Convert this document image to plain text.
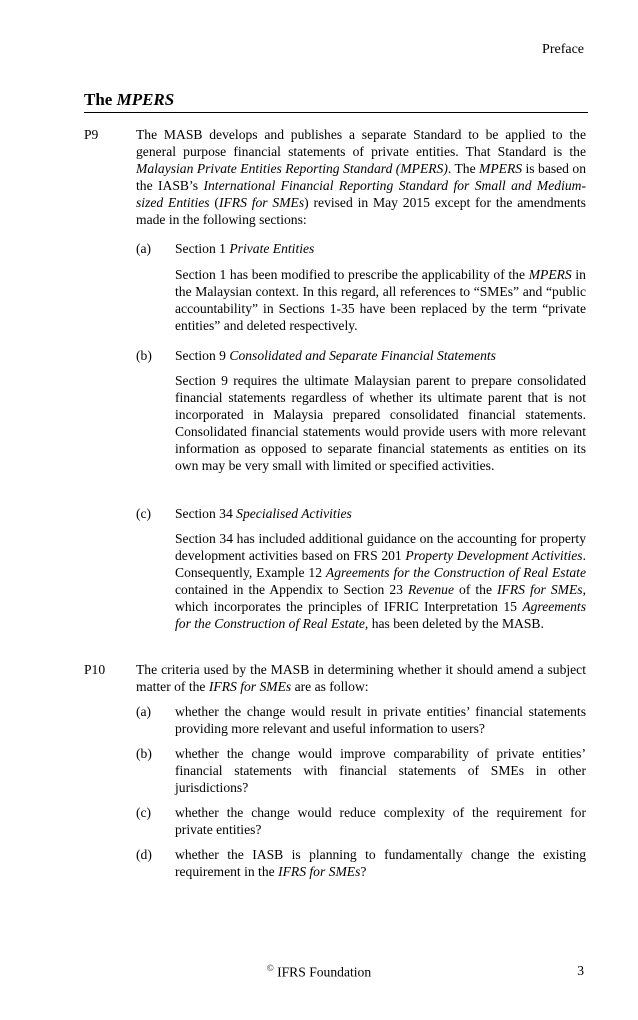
Preface
The MPERS
P9	The MASB develops and publishes a separate Standard to be applied to the general purpose financial statements of private entities. That Standard is the Malaysian Private Entities Reporting Standard (MPERS). The MPERS is based on the IASB’s International Financial Reporting Standard for Small and Medium-sized Entities (IFRS for SMEs) revised in May 2015 except for the amendments made in the following sections:
(a) Section 1 Private Entities
Section 1 has been modified to prescribe the applicability of the MPERS in the Malaysian context. In this regard, all references to “SMEs” and “public accountability” in Sections 1-35 have been replaced by the term “private entities” and deleted respectively.
(b) Section 9 Consolidated and Separate Financial Statements
Section 9 requires the ultimate Malaysian parent to prepare consolidated financial statements regardless of whether its ultimate parent that is not incorporated in Malaysia prepared consolidated financial statements. Consolidated financial statements would provide users with more relevant information as opposed to separate financial statements as entities on its own may be very small with limited or specified activities.
(c) Section 34 Specialised Activities
Section 34 has included additional guidance on the accounting for property development activities based on FRS 201 Property Development Activities. Consequently, Example 12 Agreements for the Construction of Real Estate contained in the Appendix to Section 23 Revenue of the IFRS for SMEs, which incorporates the principles of IFRIC Interpretation 15 Agreements for the Construction of Real Estate, has been deleted by the MASB.
P10 The criteria used by the MASB in determining whether it should amend a subject matter of the IFRS for SMEs are as follow:
(a) whether the change would result in private entities’ financial statements providing more relevant and useful information to users?
(b) whether the change would improve comparability of private entities’ financial statements with financial statements of SMEs in other jurisdictions?
(c) whether the change would reduce complexity of the requirement for private entities?
(d) whether the IASB is planning to fundamentally change the existing requirement in the IFRS for SMEs?
© IFRS Foundation	3
